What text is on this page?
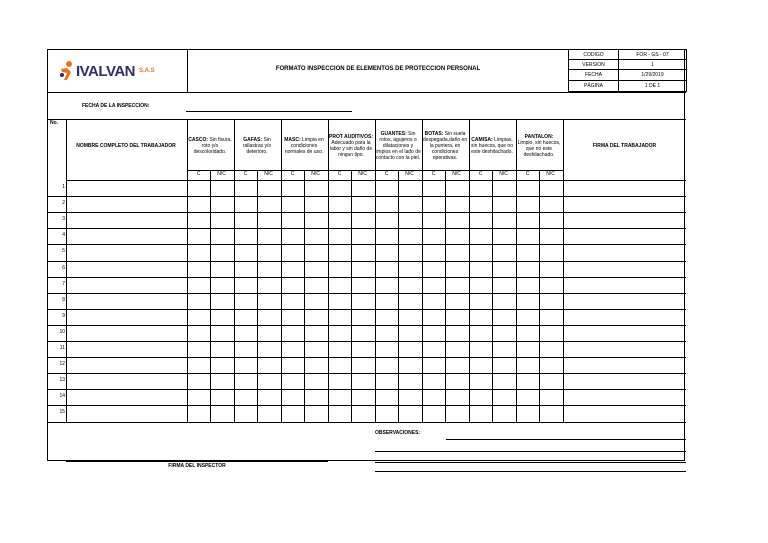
IVALVAN S.A.S	FORMATO INSPECCION DE ELEMENTOS DE PROTECCION PERSONAL
CODIGO	FOR - GS - 07
VERSION	1
FECHA	1/29/2019
PÁGINA	1 DE 1
FECHA DE LA INSPECCION:
No.
NOMBRE COMPLETO DEL TRABAJADOR
CASCO: Sin fisura, roto y/o descoloridado.
GAFAS: Sin rallastras y/o deterioro.
MASC: Limpia en condiciones normales de uso.
PROT AUDITIVOS: Adecuado para la labor y sin daño de ningun tipo.
GUANTES: Sin rotos, agujeros o dilataciones y limpios en el lado de contacto con la piel.
BOTAS: Sin suela despegada,daño en la puntera, en condiciones operativas.
CAMISA: Limpias, sin huecos, que no este deshilachado.
PANTALON: Limpio, sin huecos, que no este deshilachado.
FIRMA DEL TRABAJADOR
C	N/C	C	N/C	C	N/C	C	N/C	C	N/C	C	N/C	C	N/C	C	N/C
1
2
3
4
5
6
7
8
9
10
11
12
13
14
15
OBSERVACIONES:
FIRMA DEL INSPECTOR
